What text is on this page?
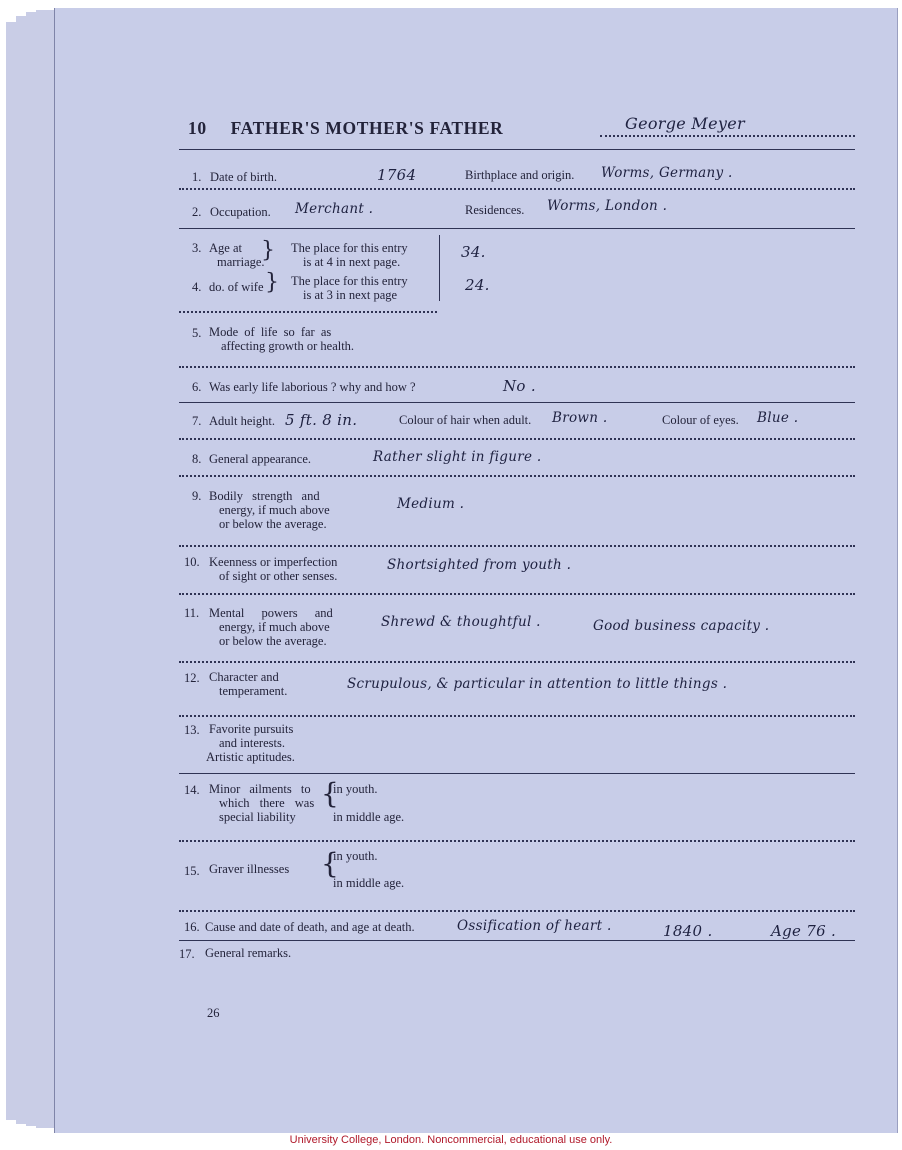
10 FATHER'S MOTHER'S FATHER	George Meyer
1. Date of birth.	1764	Birthplace and origin. Worms, Germany .
2. Occupation. Merchant .	Residences. Worms, London .
3. Age at
marriage.
} The place for this entry
is at 4 in next page.
34.
4. do. of wife } The place for this entry
is at 3 in next page
24.
5. Mode of life so far as
affecting growth or health.
6. Was early life laborious ? why and how ?	No .
7. Adult height. 5 ft. 8 in.	Colour of hair when adult. Brown .	Colour of eyes. Blue .
8. General appearance.	Rather slight in figure .
9. Bodily strength and
energy, if much above
or below the average.
Medium .
10. Keenness or imperfection
of sight or other senses.
Shortsighted from youth .
11. Mental powers and
energy, if much above
or below the average.
Shrewd & thoughtful .	Good business capacity .
12. Character and
temperament.	Scrupulous, & particular in attention to little things .
13. Favorite pursuits
and interests.
Artistic aptitudes.
14. Minor ailments to
which there was
special liability
{
in youth.
in middle age.
15. Graver illnesses {
in youth.
in middle age.
16. Cause and date of death, and age at death.	Ossification of heart .	1840 .	Age 76 .
17. General remarks.
26
University College, London. Noncommercial, educational use only.
